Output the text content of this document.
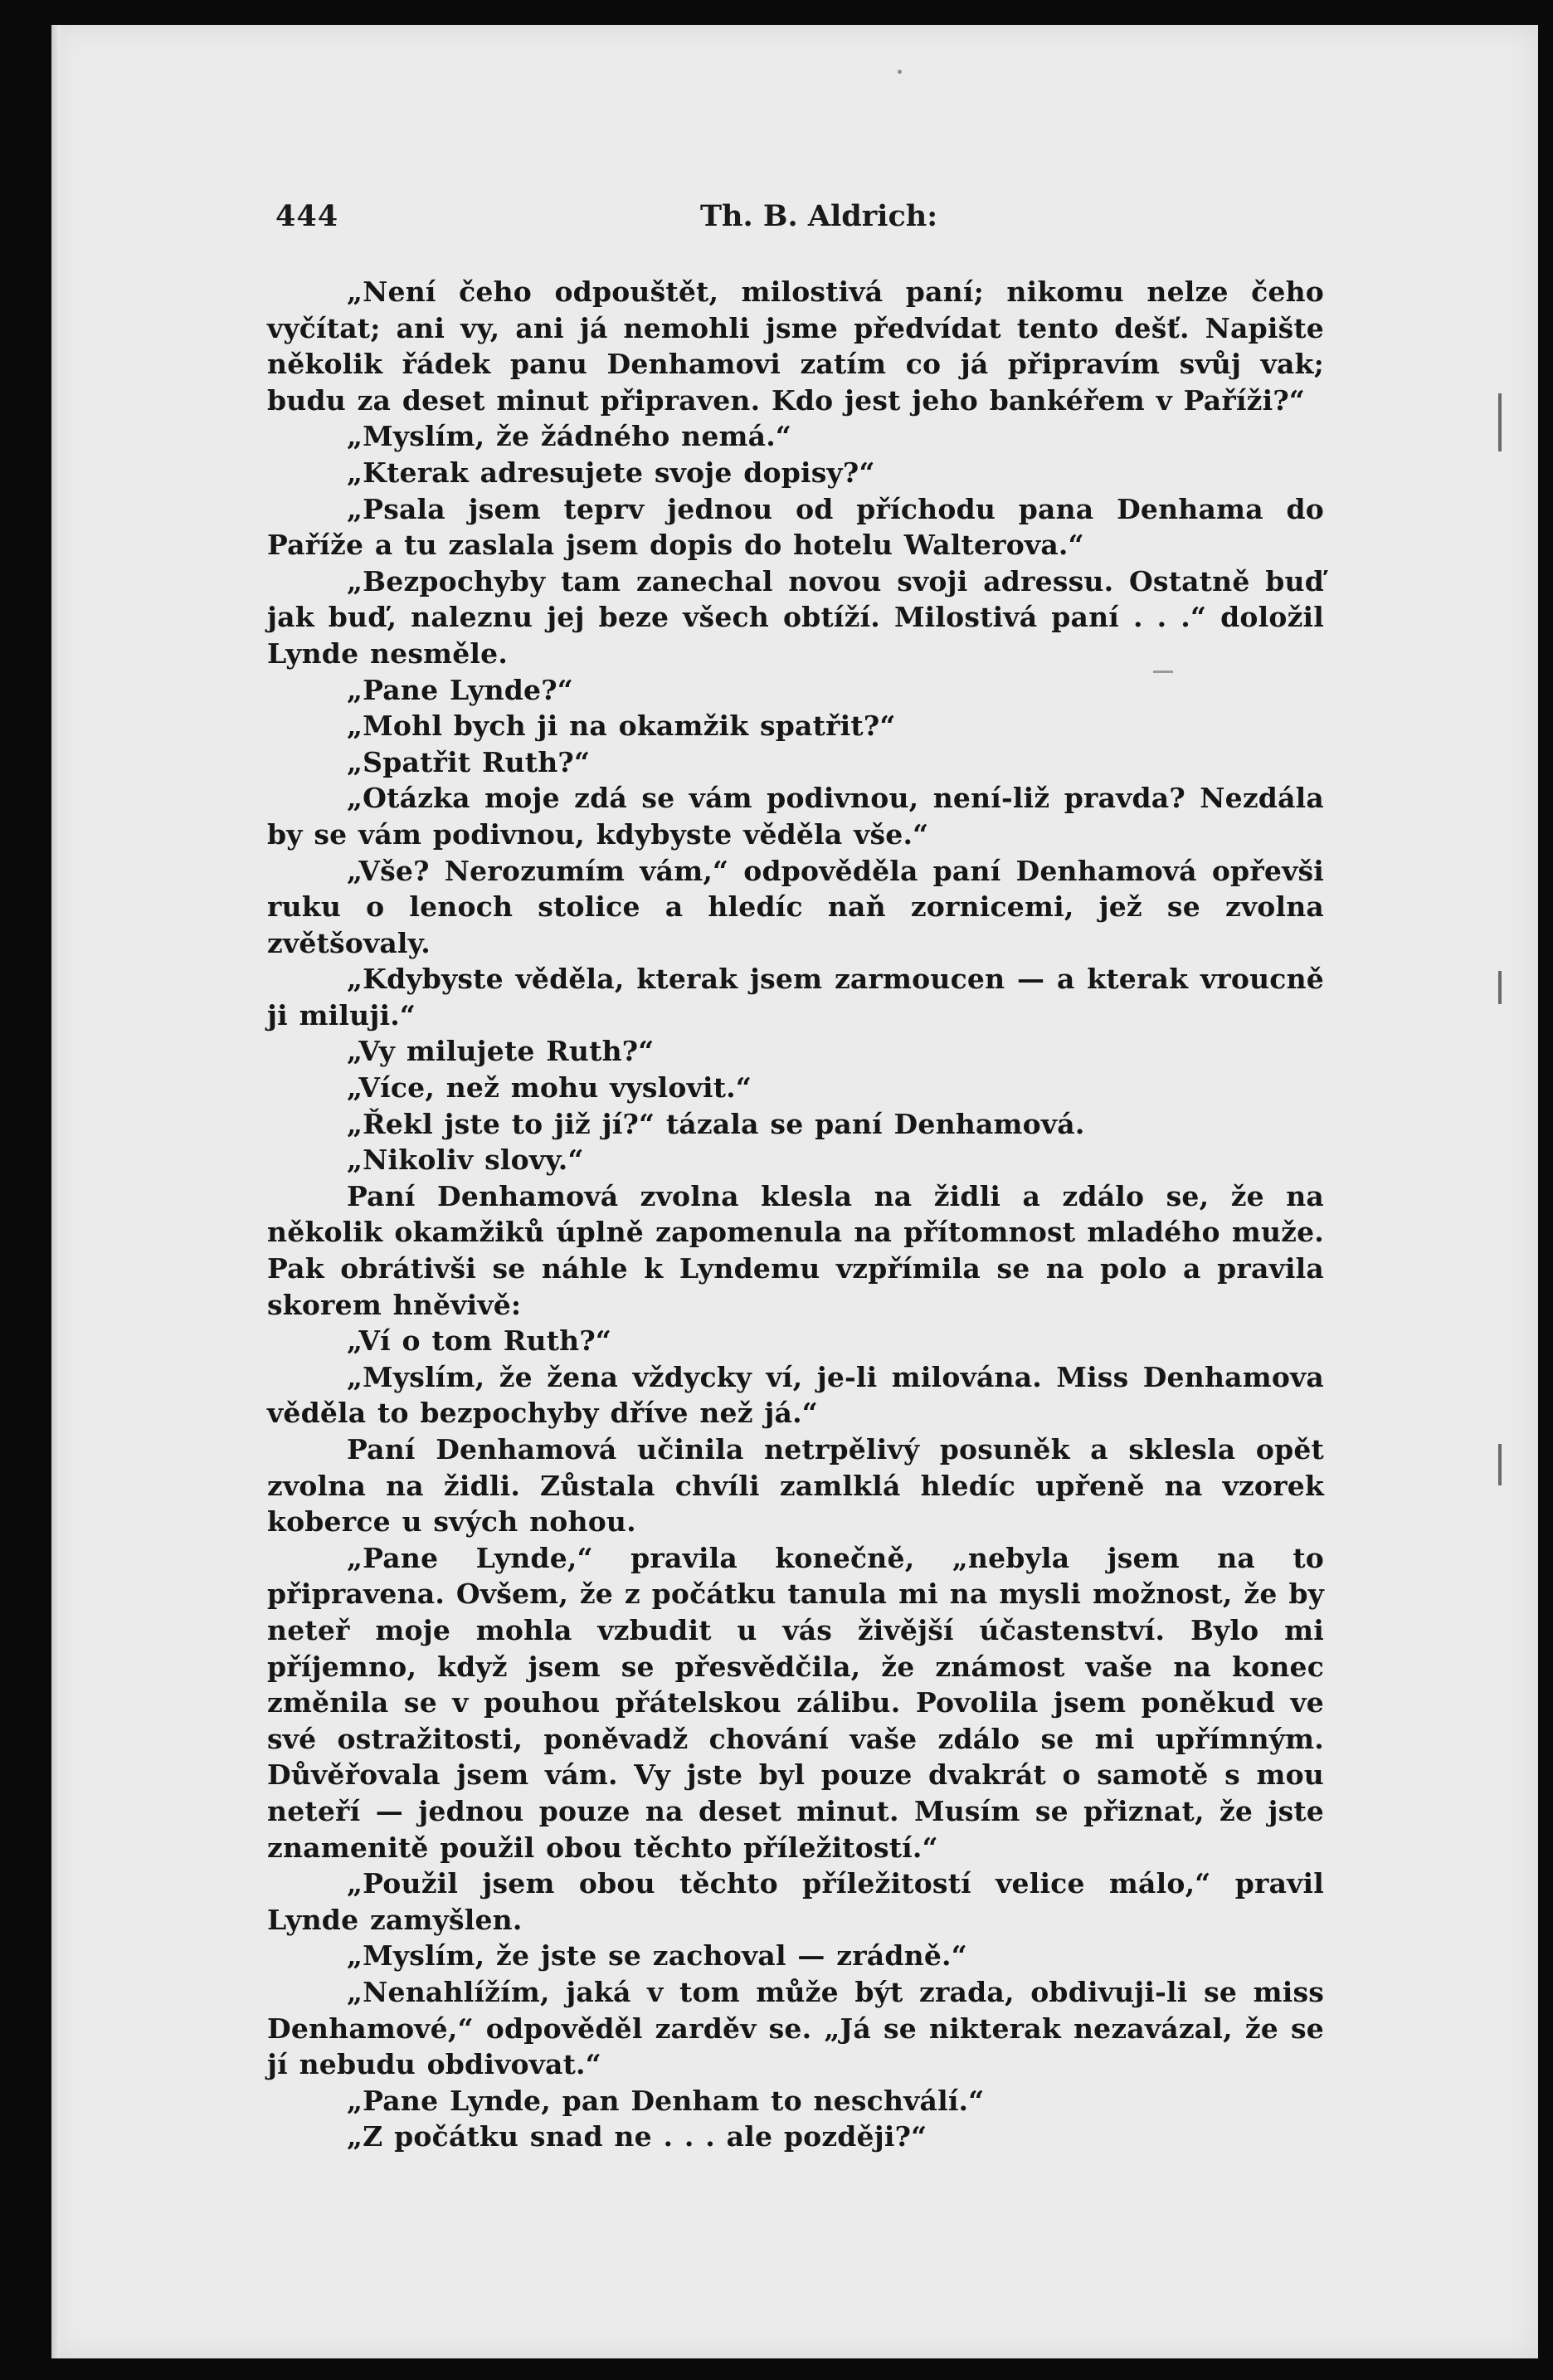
444	Th. B. Aldrich:

„Není čeho odpouštět, milostivá paní; nikomu nelze čeho vyčítat; ani vy, ani já nemohli jsme předvídat tento dešť. Napište několik řádek panu Denhamovi zatím co já připravím svůj vak; budu za deset minut připraven. Kdo jest jeho bankéřem v Paříži?“

„Myslím, že žádného nemá.“

„Kterak adresujete svoje dopisy?“

„Psala jsem teprv jednou od příchodu pana Denhama do Paříže a tu zaslala jsem dopis do hotelu Walterova.“

„Bezpochyby tam zanechal novou svoji adressu. Ostatně buď jak buď, naleznu jej beze všech obtíží. Milostivá paní . . .“ doložil Lynde nesměle.

„Pane Lynde?“

„Mohl bych ji na okamžik spatřit?“

„Spatřit Ruth?“

„Otázka moje zdá se vám podivnou, není-liž pravda? Nezdála by se vám podivnou, kdybyste věděla vše.“

„Vše? Nerozumím vám,“ odpověděla paní Denhamová opřevši ruku o lenoch stolice a hledíc naň zornicemi, jež se zvolna zvětšovaly.

„Kdybyste věděla, kterak jsem zarmoucen — a kterak vroucně ji miluji.“

„Vy milujete Ruth?“

„Více, než mohu vyslovit.“

„Řekl jste to již jí?“ tázala se paní Denhamová.

„Nikoliv slovy.“

Paní Denhamová zvolna klesla na židli a zdálo se, že na několik okamžiků úplně zapomenula na přítomnost mladého muže. Pak obrátivši se náhle k Lyndemu vzpřímila se na polo a pravila skorem hněvivě:

„Ví o tom Ruth?“

„Myslím, že žena vždycky ví, je-li milována. Miss Denhamova věděla to bezpochyby dříve než já.“

Paní Denhamová učinila netrpělivý posuněk a sklesla opět zvolna na židli. Zůstala chvíli zamlklá hledíc upřeně na vzorek koberce u svých nohou.

„Pane Lynde,“ pravila konečně, „nebyla jsem na to připravena. Ovšem, že z počátku tanula mi na mysli možnost, že by neteř moje mohla vzbudit u vás živější účastenství. Bylo mi příjemno, když jsem se přesvědčila, že známost vaše na konec změnila se v pouhou přátelskou zálibu. Povolila jsem poněkud ve své ostražitosti, poněvadž chování vaše zdálo se mi upřímným. Důvěřovala jsem vám. Vy jste byl pouze dvakrát o samotě s mou neteří — jednou pouze na deset minut. Musím se přiznat, že jste znamenitě použil obou těchto příležitostí.“

„Použil jsem obou těchto příležitostí velice málo,“ pravil Lynde zamyšlen.

„Myslím, že jste se zachoval — zrádně.“

„Nenahlížím, jaká v tom může být zrada, obdivuji-li se miss Denhamové,“ odpověděl zarděv se. „Já se nikterak nezavázal, že se jí nebudu obdivovat.“

„Pane Lynde, pan Denham to neschválí.“

„Z počátku snad ne . . . ale později?“
